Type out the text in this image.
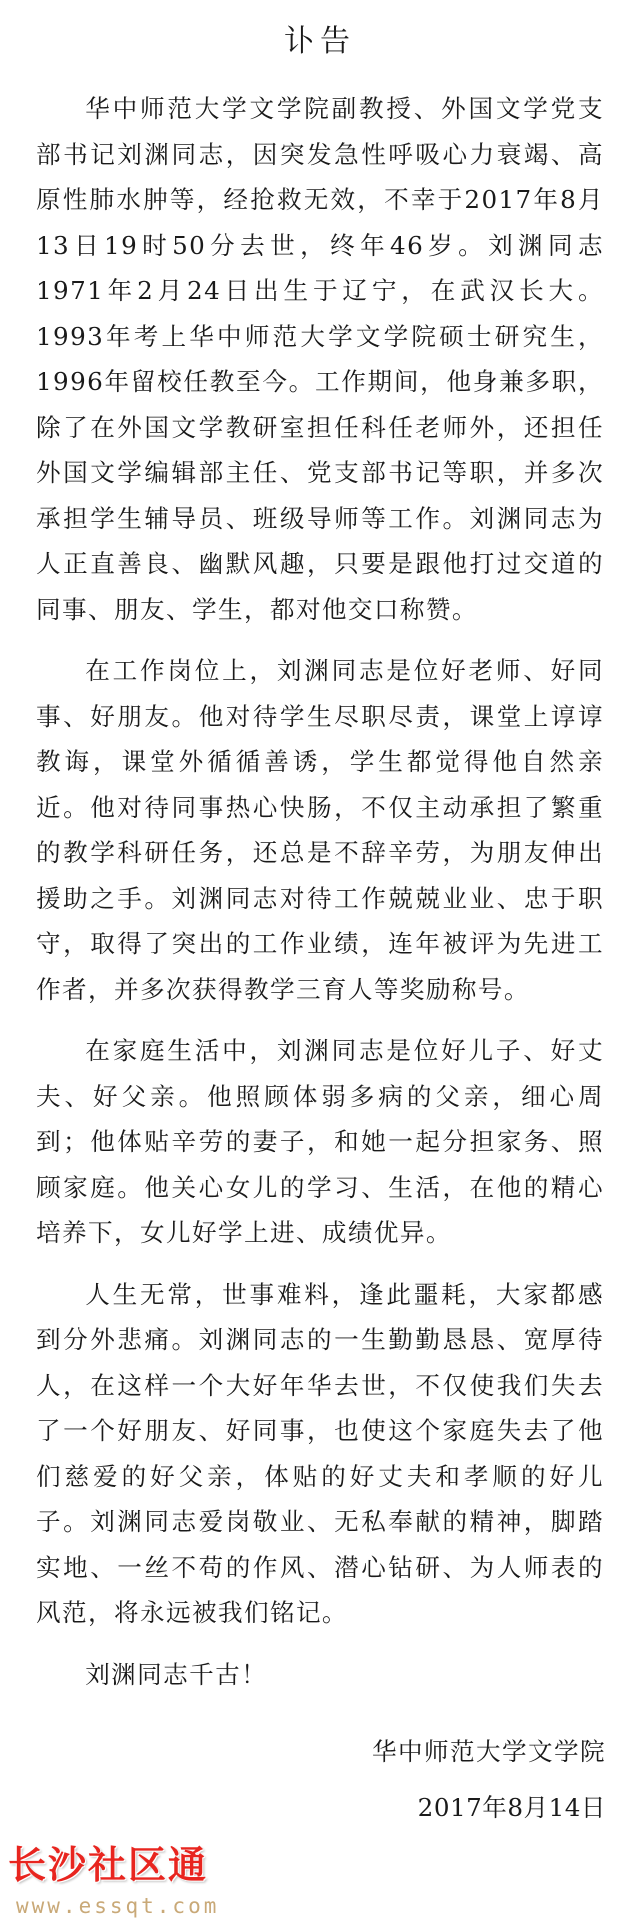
讣告

华中师范大学文学院副教授、外国文学党支部书记刘渊同志，因突发急性呼吸心力衰竭、高原性肺水肿等，经抢救无效，不幸于2017年8月13日19时50分去世，终年46岁。刘渊同志1971年2月24日出生于辽宁，在武汉长大。1993年考上华中师范大学文学院硕士研究生，1996年留校任教至今。工作期间，他身兼多职，除了在外国文学教研室担任科任老师外，还担任外国文学编辑部主任、党支部书记等职，并多次承担学生辅导员、班级导师等工作。刘渊同志为人正直善良、幽默风趣，只要是跟他打过交道的同事、朋友、学生，都对他交口称赞。

在工作岗位上，刘渊同志是位好老师、好同事、好朋友。他对待学生尽职尽责，课堂上谆谆教诲，课堂外循循善诱，学生都觉得他自然亲近。他对待同事热心快肠，不仅主动承担了繁重的教学科研任务，还总是不辞辛劳，为朋友伸出援助之手。刘渊同志对待工作兢兢业业、忠于职守，取得了突出的工作业绩，连年被评为先进工作者，并多次获得教学三育人等奖励称号。

在家庭生活中，刘渊同志是位好儿子、好丈夫、好父亲。他照顾体弱多病的父亲，细心周到；他体贴辛劳的妻子，和她一起分担家务、照顾家庭。他关心女儿的学习、生活，在他的精心培养下，女儿好学上进、成绩优异。

人生无常，世事难料，逢此噩耗，大家都感到分外悲痛。刘渊同志的一生勤勤恳恳、宽厚待人，在这样一个大好年华去世，不仅使我们失去了一个好朋友、好同事，也使这个家庭失去了他们慈爱的好父亲，体贴的好丈夫和孝顺的好儿子。刘渊同志爱岗敬业、无私奉献的精神，脚踏实地、一丝不苟的作风、潜心钻研、为人师表的风范，将永远被我们铭记。

刘渊同志千古！
华中师范大学文学院
2017年8月14日
长沙社区通
www.essqt.com
